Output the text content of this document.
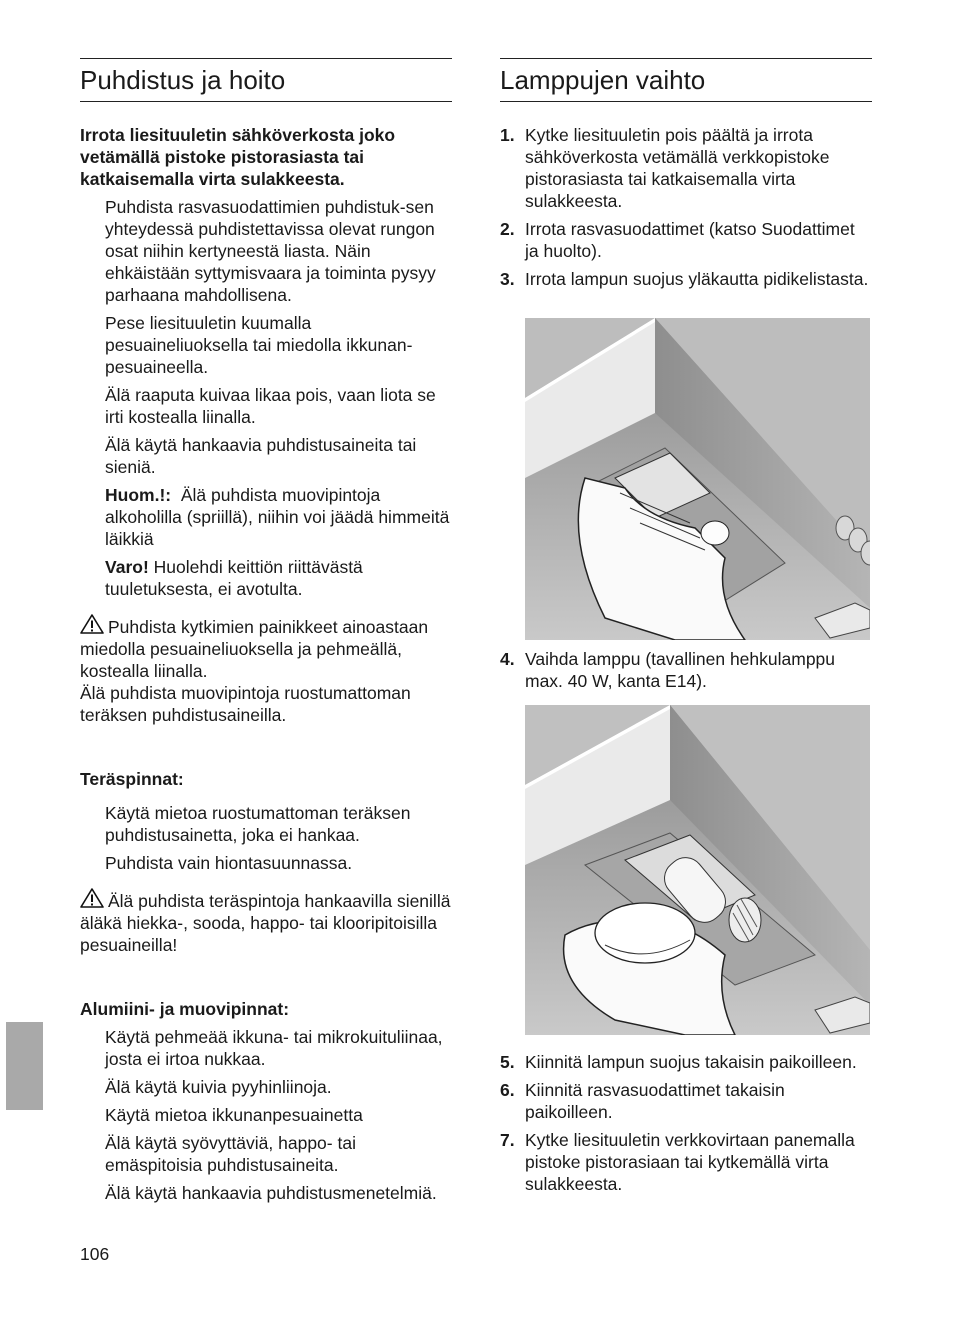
Puhdistus ja hoito

Irrota liesituuletin sähköverkosta joko vetämällä pistoke pistorasiasta tai katkaisemalla virta sulakkeesta.

Puhdista rasvasuodattimien puhdistuk-sen yhteydessä puhdistettavissa olevat rungon osat niihin kertyneestä liasta. Näin ehkäistään syttymisvaara ja toiminta pysyy parhaana mahdollisena.

Pese liesituuletin kuumalla pesuaineliuoksella tai miedolla ikkunan-pesuaineella.

Älä raaputa kuivaa likaa pois, vaan liota se irti kostealla liinalla.

Älä käytä hankaavia puhdistusaineita tai sieniä.

Huom.!: Älä puhdista muovipintoja alkoholilla (spriillä), niihin voi jäädä himmeitä läikkiä

Varo! Huolehdi keittiön riittävästä tuuletuksesta, ei avotulta.

Puhdista kytkimien painikkeet ainoastaan miedolla pesuaineliuoksella ja pehmeällä, kostealla liinalla.
Älä puhdista muovipintoja ruostumattoman teräksen puhdistusaineilla.

Teräspinnat:

Käytä mietoa ruostumattoman teräksen puhdistusainetta, joka ei hankaa.

Puhdista vain hiontasuunnassa.

Älä puhdista teräspintoja hankaavilla sienillä äläkä hiekka-, sooda, happo- tai klooripitoisilla pesuaineilla!

Alumiini- ja muovipinnat:

Käytä pehmeää ikkuna- tai mikrokuituliinaa, josta ei irtoa nukkaa.

Älä käytä kuivia pyyhinliinoja.

Käytä mietoa ikkunanpesuainetta

Älä käytä syövyttäviä, happo- tai emäspitoisia puhdistusaineita.

Älä käytä hankaavia puhdistusmenetelmiä.

Lamppujen vaihto
1. Kytke liesituuletin pois päältä ja irrota sähköverkosta vetämällä verkkopistoke pistorasiasta tai katkaisemalla virta sulakkeesta.
2. Irrota rasvasuodattimet (katso Suodattimet ja huolto).
3. Irrota lampun suojus yläkautta pidikelistasta.
4. Vaihda lamppu (tavallinen hehkulamppu max. 40 W, kanta E14).
5. Kiinnitä lampun suojus takaisin paikoilleen.
6. Kiinnitä rasvasuodattimet takaisin paikoilleen.
7. Kytke liesituuletin verkkovirtaan panemalla pistoke pistorasiaan tai kytkemällä virta sulakkeesta.
106
